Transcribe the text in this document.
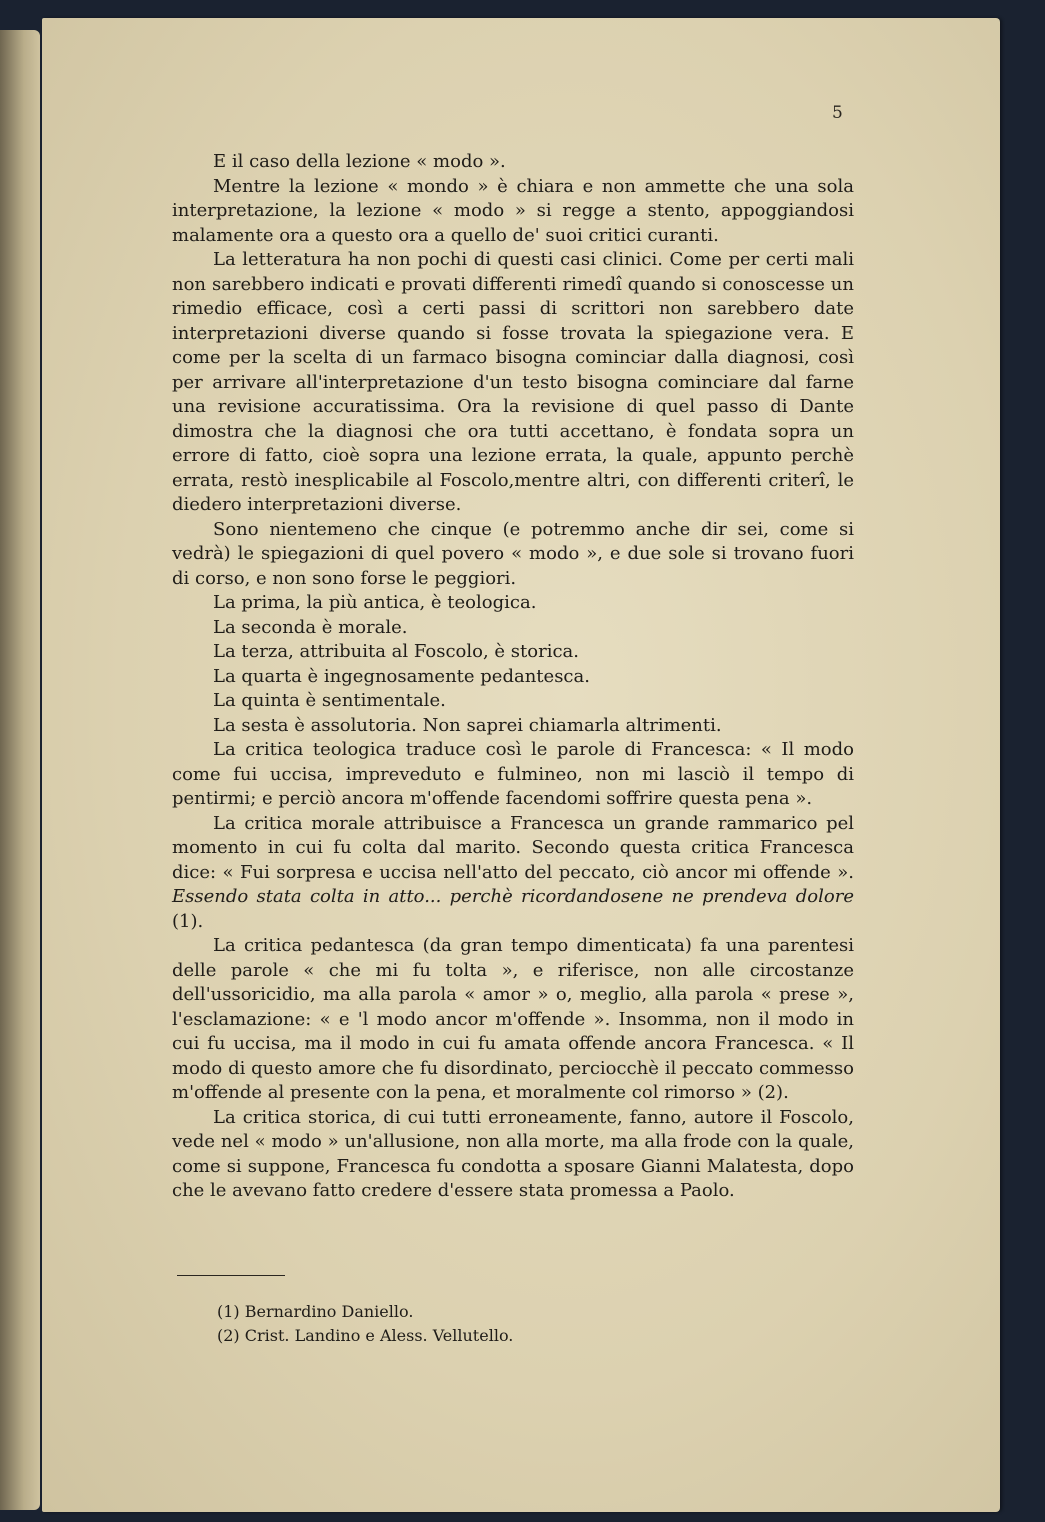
5

E il caso della lezione « modo ».

Mentre la lezione « mondo » è chiara e non ammette che una sola interpretazione, la lezione « modo » si regge a stento, appoggiandosi malamente ora a questo ora a quello de' suoi critici curanti.

La letteratura ha non pochi di questi casi clinici. Come per certi mali non sarebbero indicati e provati differenti rimedî quando si conoscesse un rimedio efficace, così a certi passi di scrittori non sarebbero date interpretazioni diverse quando si fosse trovata la spiegazione vera. E come per la scelta di un farmaco bisogna cominciar dalla diagnosi, così per arrivare all'interpretazione d'un testo bisogna cominciare dal farne una revisione accuratissima. Ora la revisione di quel passo di Dante dimostra che la diagnosi che ora tutti accettano, è fondata sopra un errore di fatto, cioè sopra una lezione errata, la quale, appunto perchè errata, restò inesplicabile al Foscolo,mentre altri, con differenti criterî, le diedero interpretazioni diverse.

Sono nientemeno che cinque (e potremmo anche dir sei, come si vedrà) le spiegazioni di quel povero « modo », e due sole si trovano fuori di corso, e non sono forse le peggiori.

La prima, la più antica, è teologica.

La seconda è morale.

La terza, attribuita al Foscolo, è storica.

La quarta è ingegnosamente pedantesca.

La quinta è sentimentale.

La sesta è assolutoria. Non saprei chiamarla altrimenti.

La critica teologica traduce così le parole di Francesca: « Il modo come fui uccisa, impreveduto e fulmineo, non mi lasciò il tempo di pentirmi; e perciò ancora m'offende facendomi soffrire questa pena ».

La critica morale attribuisce a Francesca un grande rammarico pel momento in cui fu colta dal marito. Secondo questa critica Francesca dice: « Fui sorpresa e uccisa nell'atto del peccato, ciò ancor mi offende ». Essendo stata colta in atto... perchè ricordandosene ne prendeva dolore (1).

La critica pedantesca (da gran tempo dimenticata) fa una parentesi delle parole « che mi fu tolta », e riferisce, non alle circostanze dell'ussoricidio, ma alla parola « amor » o, meglio, alla parola « prese », l'esclamazione: « e 'l modo ancor m'offende ». Insomma, non il modo in cui fu uccisa, ma il modo in cui fu amata offende ancora Francesca. « Il modo di questo amore che fu disordinato, perciocchè il peccato commesso m'offende al presente con la pena, et moralmente col rimorso » (2).

La critica storica, di cui tutti erroneamente, fanno, autore il Foscolo, vede nel « modo » un'allusione, non alla morte, ma alla frode con la quale, come si suppone, Francesca fu condotta a sposare Gianni Malatesta, dopo che le avevano fatto credere d'essere stata promessa a Paolo.

(1) Bernardino Daniello.

(2) Crist. Landino e Aless. Vellutello.
